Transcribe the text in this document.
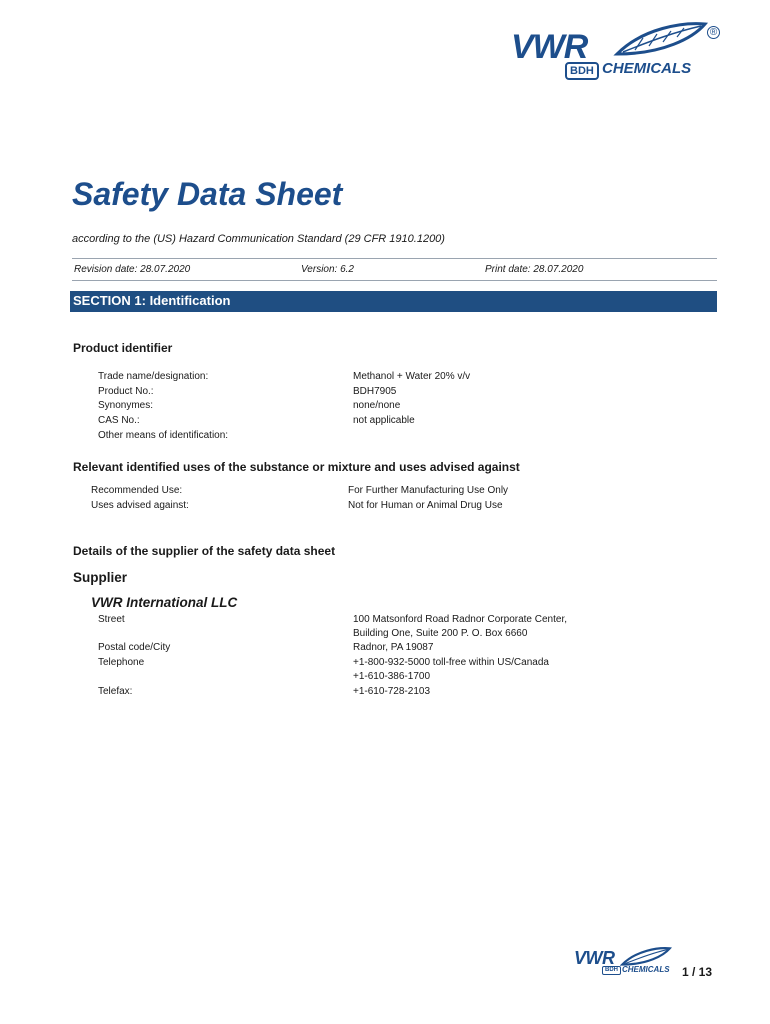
VWR	®
BDH CHEMICALS
Safety Data Sheet
according to the (US) Hazard Communication Standard (29 CFR 1910.1200)
Revision date: 28.07.2020	Version: 6.2	Print date: 28.07.2020
SECTION 1: Identification
Product identifier
Trade name/designation:	Methanol + Water 20% v/v
Product No.:	BDH7905
Synonymes:	none/none
CAS No.:	not applicable
Other means of identification:
Relevant identified uses of the substance or mixture and uses advised against
Recommended Use:	For Further Manufacturing Use Only
Uses advised against:	Not for Human or Animal Drug Use
Details of the supplier of the safety data sheet
Supplier
VWR International LLC
Street	100 Matsonford Road Radnor Corporate Center,
Building One, Suite 200 P. O. Box 6660
Postal code/City	Radnor, PA 19087
Telephone	+1-800-932-5000 toll-free within US/Canada
+1-610-386-1700
Telefax:	+1-610-728-2103
VWR
BDH CHEMICALS 1 / 13
